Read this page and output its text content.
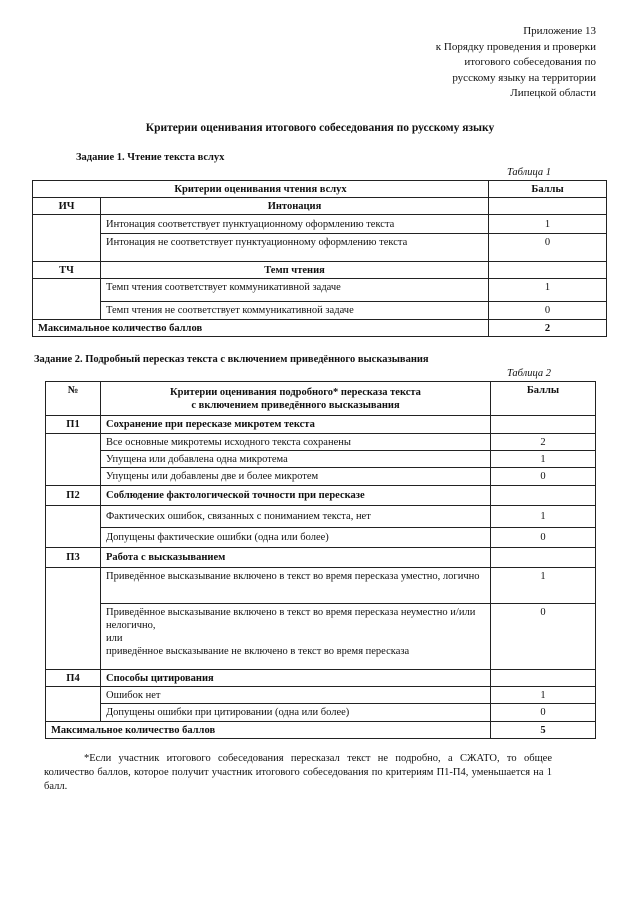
Приложение 13
к Порядку проведения и проверки
итогового собеседования по
русскому языку на территории
Липецкой области
Критерии оценивания итогового собеседования по русскому языку
Задание 1. Чтение текста вслух
Таблица 1
Критерии оценивания чтения вслух		Баллы
ИЧ	Интонация	
	Интонация соответствует пунктуационному оформлению текста	1
	Интонация не соответствует пунктуационному оформлению текста	0
ТЧ	Темп чтения	
	Темп чтения соответствует коммуникативной задаче	1
	Темп чтения не соответствует коммуникативной задаче	0
Максимальное количество баллов		2
Задание 2. Подробный пересказ текста с включением приведённого высказывания
Таблица 2
№	Критерии оценивания подробного* пересказа текста
с включением приведённого высказывания	Баллы
П1	Сохранение при пересказе микротем текста	
	Все основные микротемы исходного текста сохранены	2
	Упущена или добавлена одна микротема	1
	Упущены или добавлены две и более микротем	0
П2	Соблюдение фактологической точности при пересказе	
	Фактических ошибок, связанных с пониманием текста, нет	1
	Допущены фактические ошибки (одна или более)	0
П3	Работа с высказыванием	
	Приведённое высказывание включено в текст во время пересказа уместно, логично	1

	Приведённое высказывание включено в текст во время пересказа неуместно и/или нелогично,
или
приведённое высказывание не включено в текст во время пересказа	0
П4	Способы цитирования	
	Ошибок нет	1
	Допущены ошибки при цитировании (одна или более)	0
Максимальное количество баллов		5
*Если участник итогового собеседования пересказал текст не подробно, а СЖАТО, то общее количество баллов, которое получит участник итогового собеседования по критериям П1-П4, уменьшается на 1 балл.
